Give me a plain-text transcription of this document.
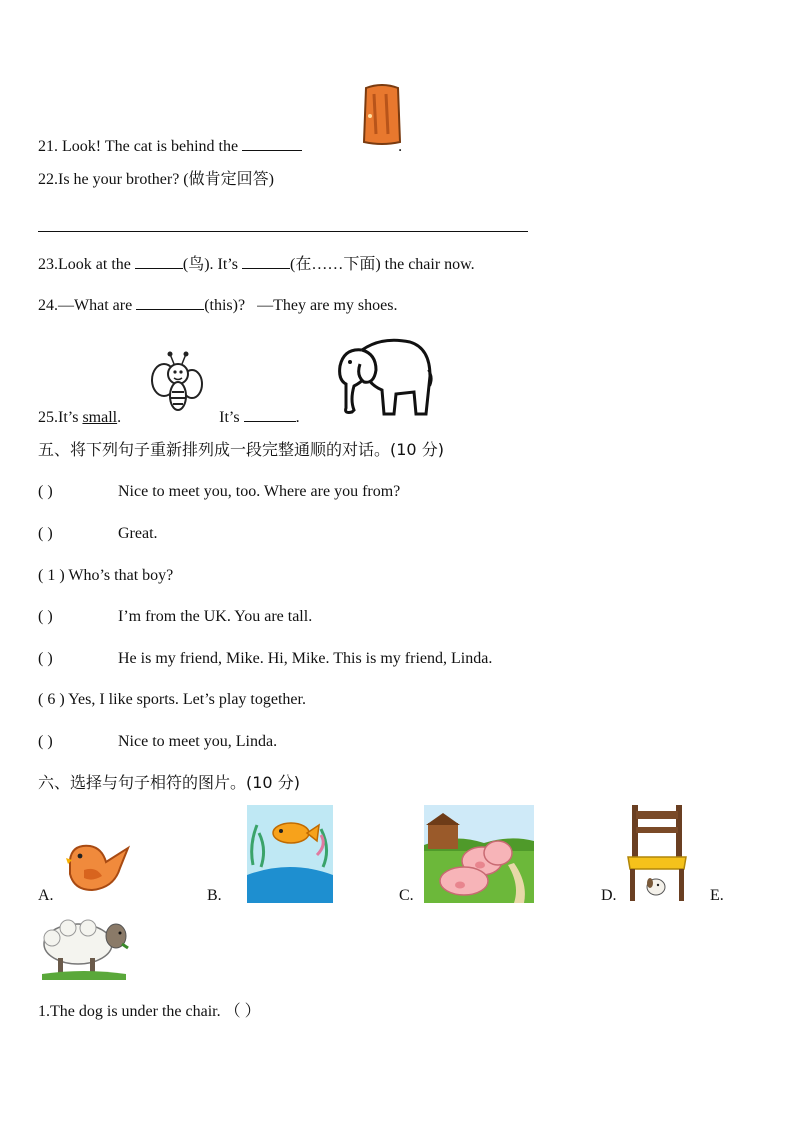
21. Look! The cat is behind the	.
22.Is he your brother? (做肯定回答)
23.Look at the	(鸟). It’s	(在……下面) the chair now.
24.—What are	(this)? —They are my shoes.
25.It’s small.	It’s	.
五、将下列句子重新排列成一段完整通顺的对话。(10 分)
( )	Nice to meet you, too. Where are you from?
( )	Great.
( 1 ) Who’s that boy?
( )	I’m from the UK. You are tall.
( )	He is my friend, Mike. Hi, Mike. This is my friend, Linda.
( 6 ) Yes, I like sports. Let’s play together.
( )	Nice to meet you, Linda.
六、选择与句子相符的图片。(10 分)
A.	B.	C.	D.	E.
1.The dog is under the chair. （ ）
